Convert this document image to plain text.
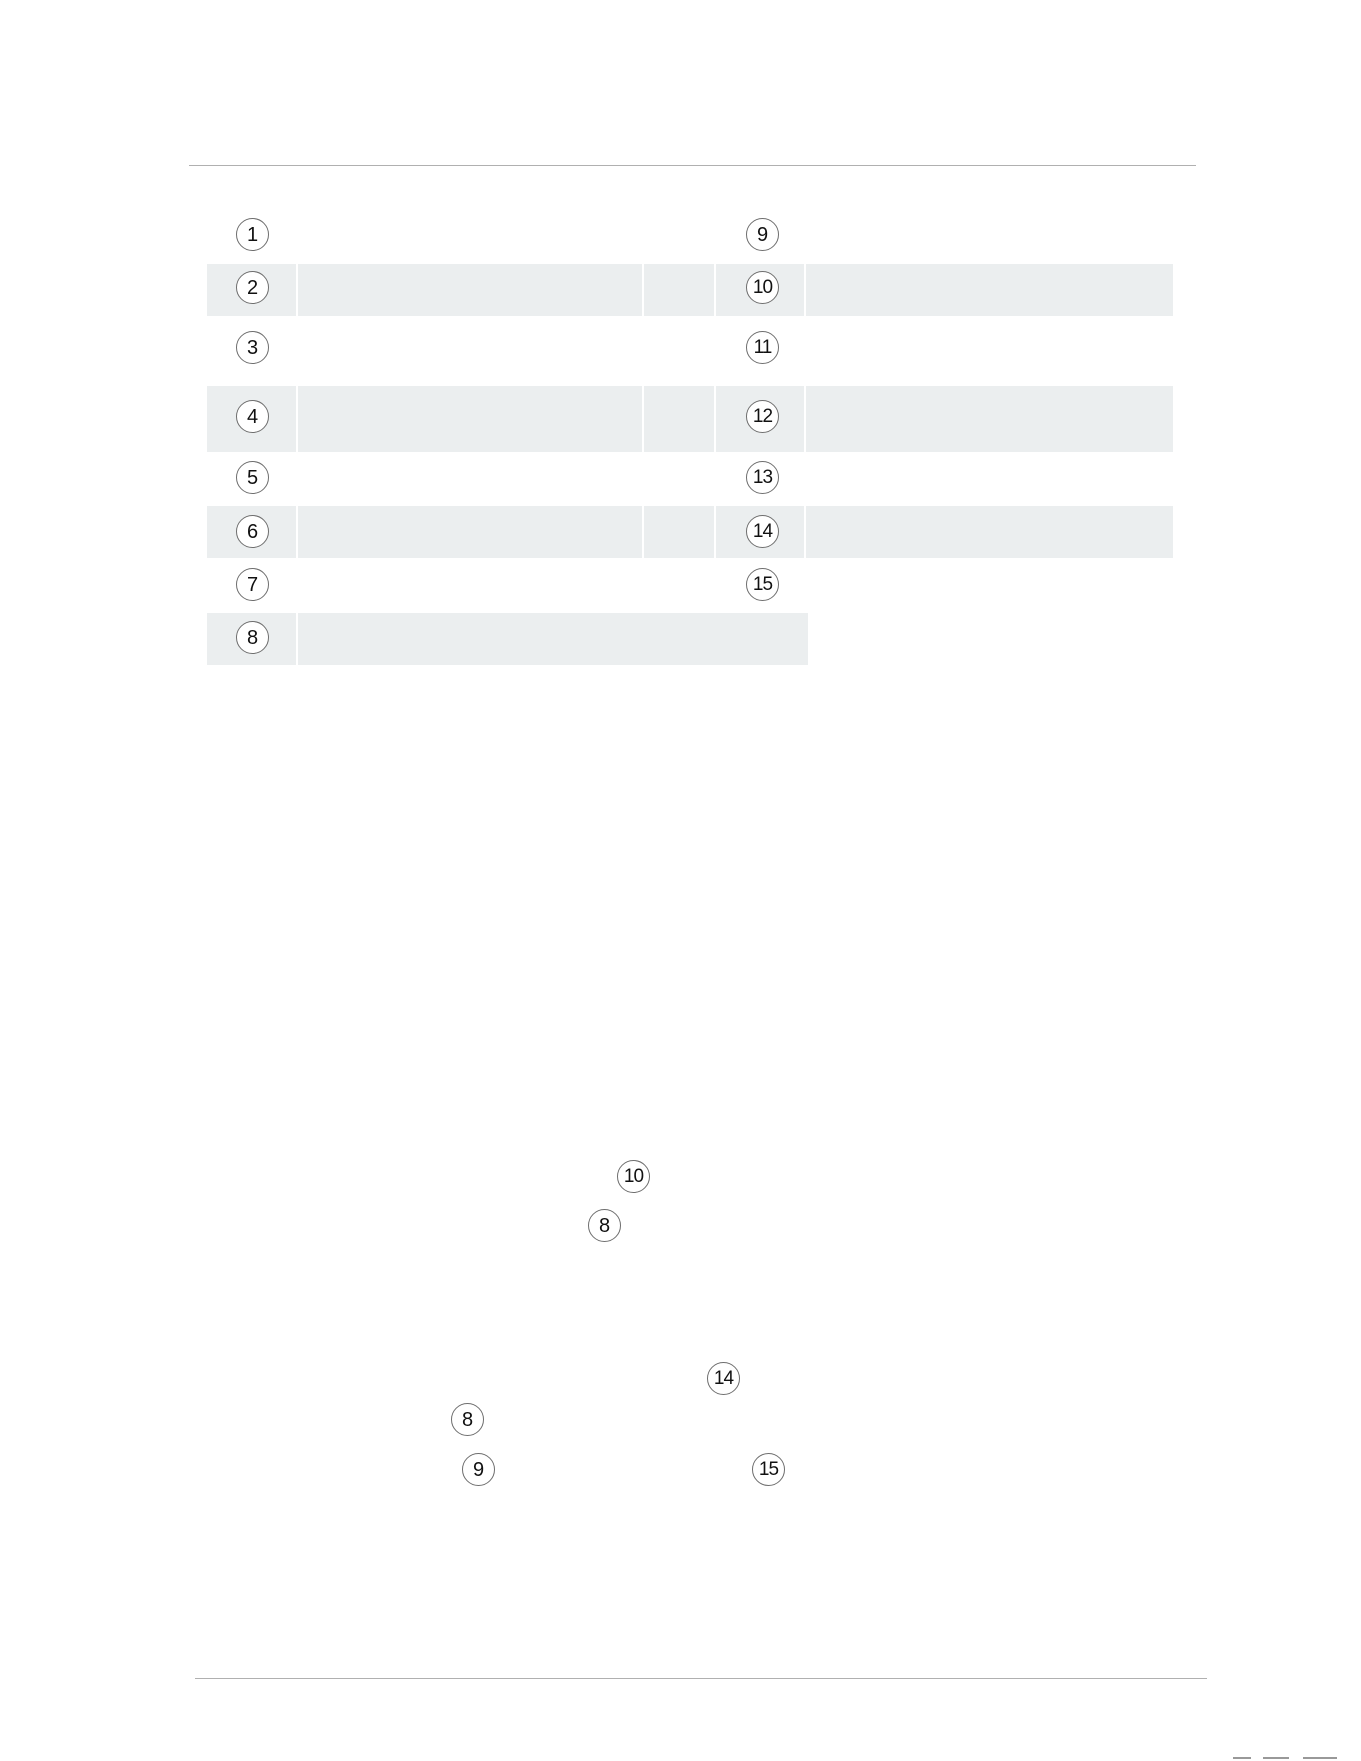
1
2
3
4
5
6
7
8
9
10
11
12
13
14
15
10
8
14
8
9	15
